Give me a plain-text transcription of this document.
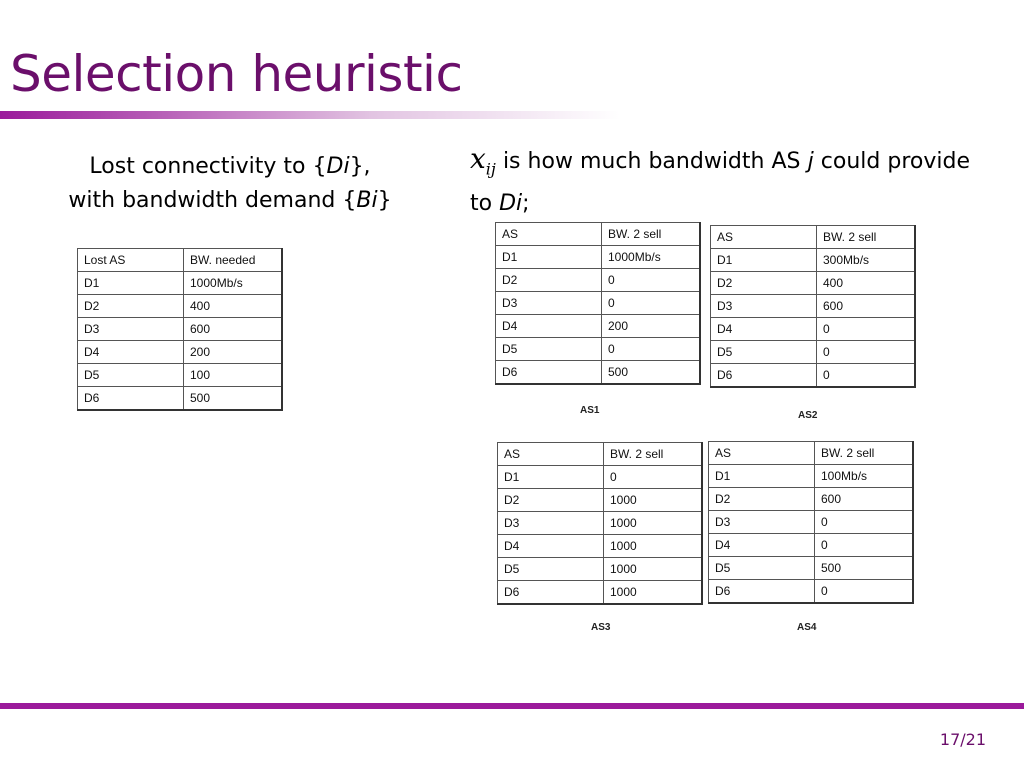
Selection heuristic
Lost connectivity to {Di},
with bandwidth demand {Bi}
$x_{ij}$ is how much bandwidth AS j could provide to Di;
Lost AS	BW. needed
D1	1000Mb/s
D2	400
D3	600
D4	200
D5	100
D6	500
AS	BW. 2 sell
D1	1000Mb/s
D2	0
D3	0
D4	200
D5	0
D6	500
AS1
AS	BW. 2 sell
D1	300Mb/s
D2	400
D3	600
D4	0
D5	0
D6	0
AS2
AS	BW. 2 sell
D1	0
D2	1000
D3	1000
D4	1000
D5	1000
D6	1000
AS3
AS	BW. 2 sell
D1	100Mb/s
D2	600
D3	0
D4	0
D5	500
D6	0
AS4
17/21
